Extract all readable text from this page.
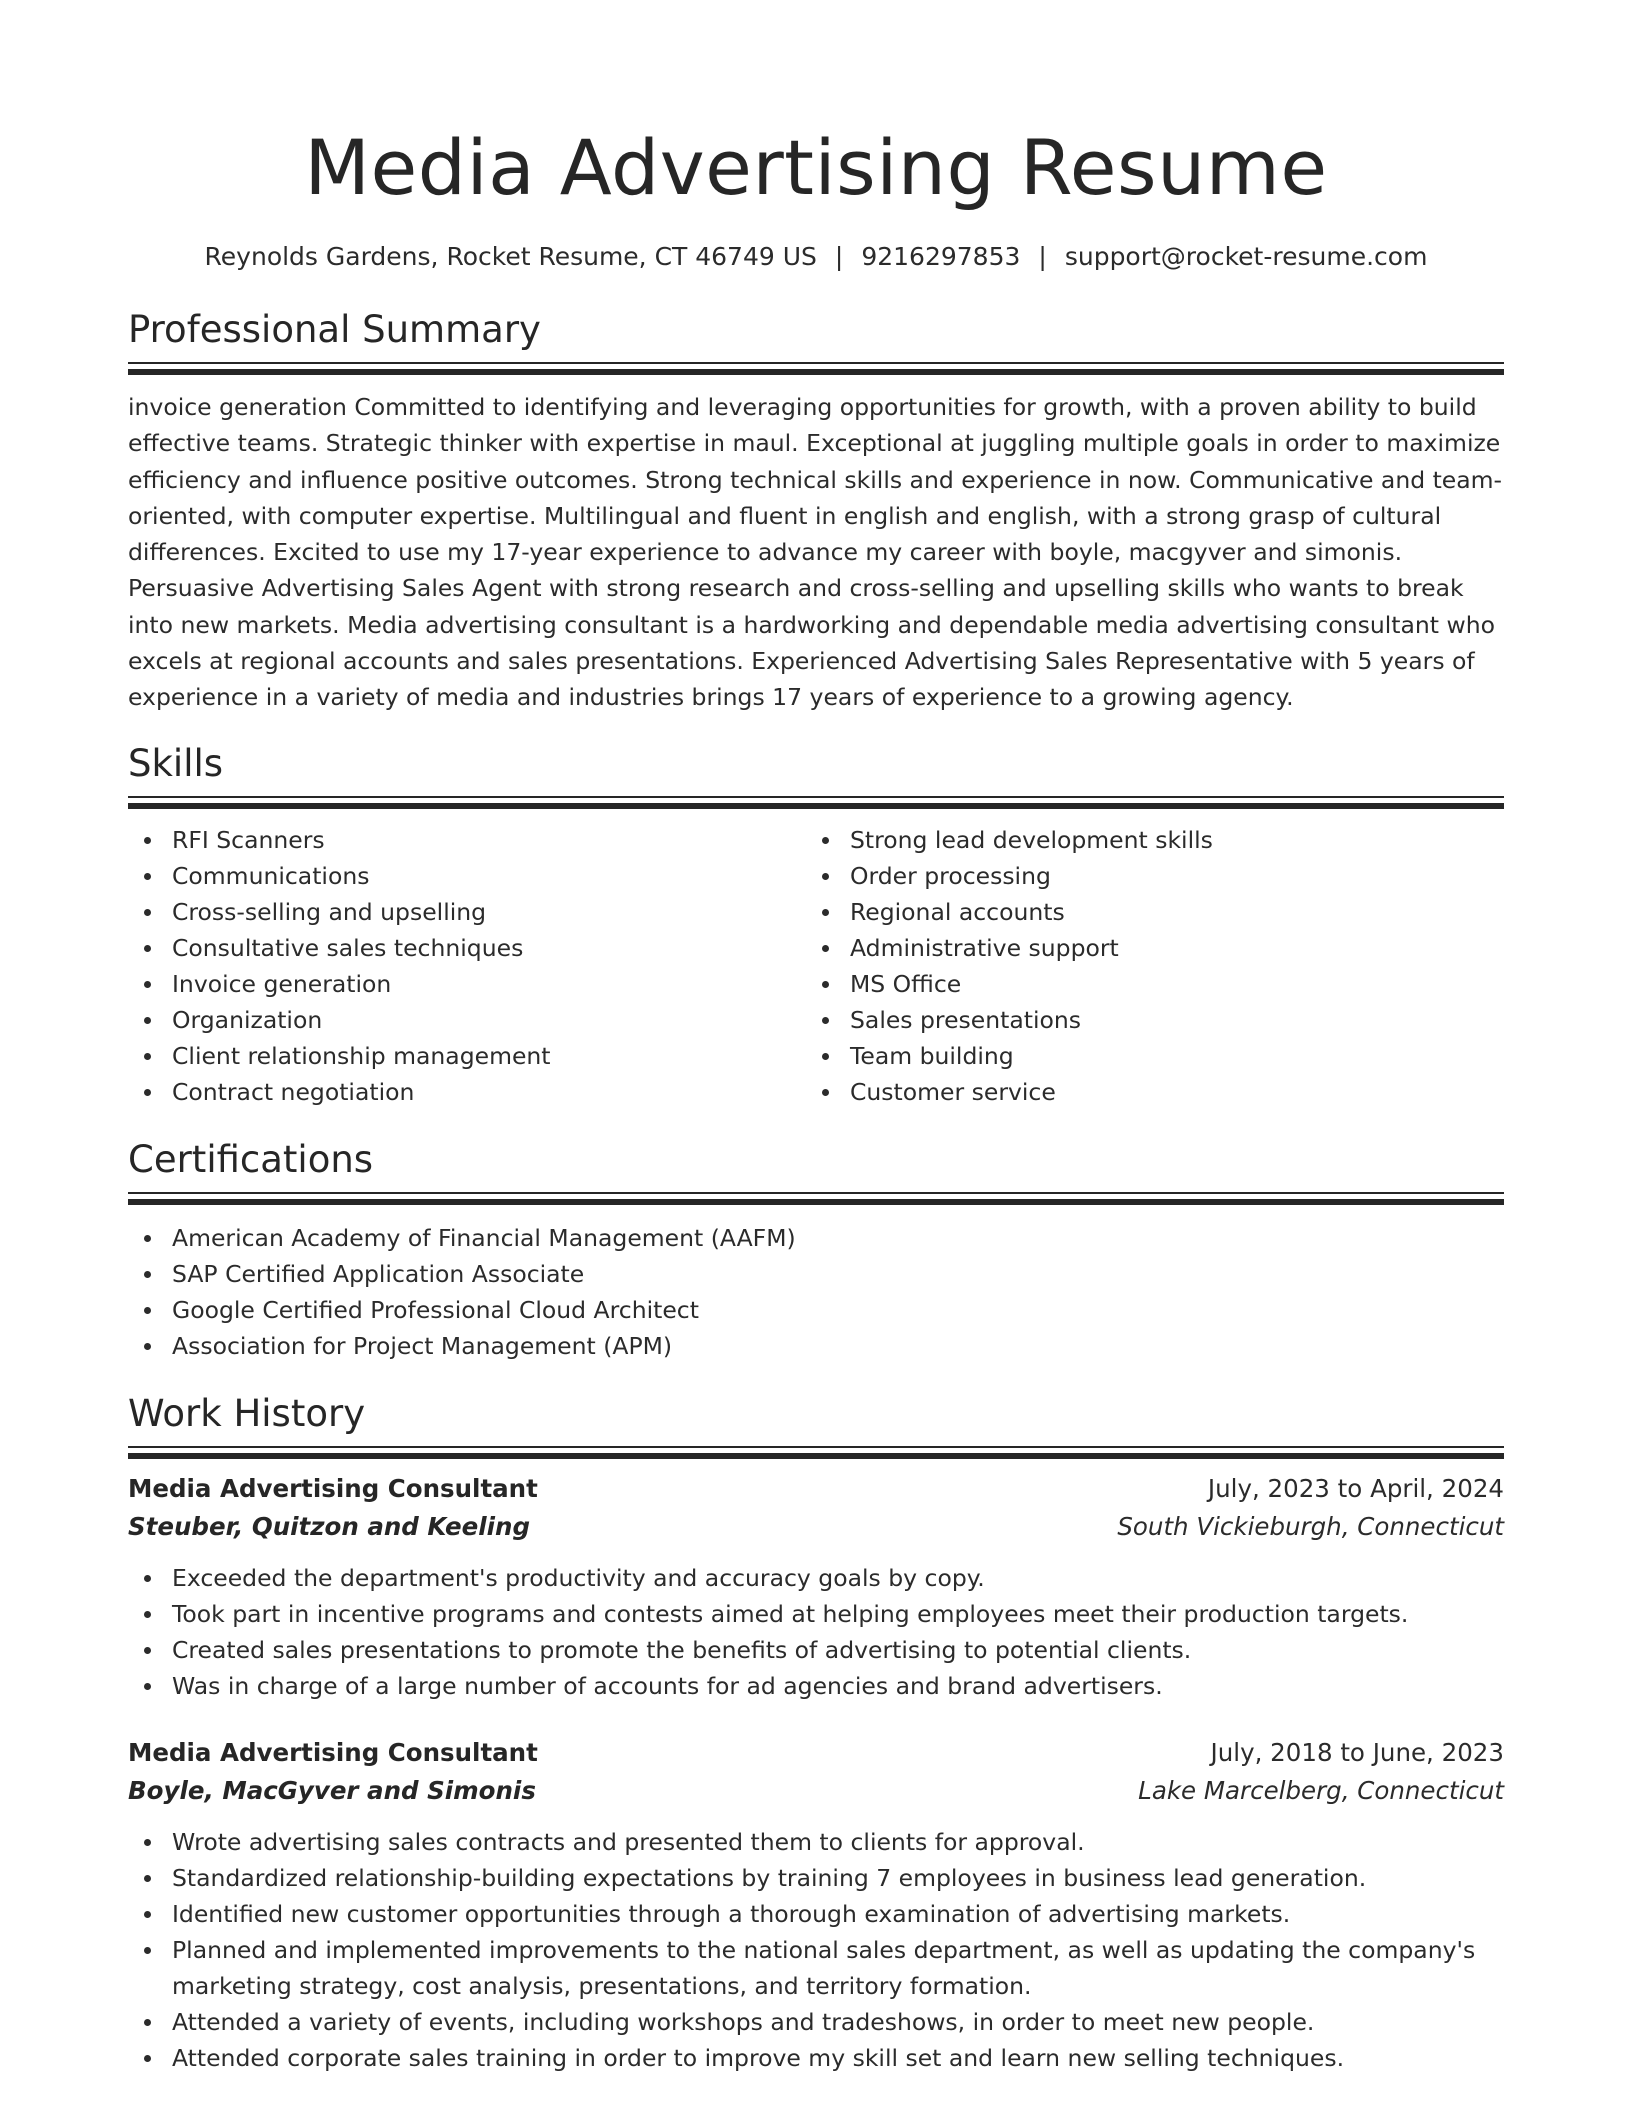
Media Advertising Resume
Reynolds Gardens, Rocket Resume, CT 46749 US | 9216297853 | support@rocket-resume.com
Professional Summary

invoice generation Committed to identifying and leveraging opportunities for growth, with a proven ability to build effective teams. Strategic thinker with expertise in maul. Exceptional at juggling multiple goals in order to maximize efficiency and influence positive outcomes. Strong technical skills and experience in now. Communicative and team-oriented, with computer expertise. Multilingual and fluent in english and english, with a strong grasp of cultural differences. Excited to use my 17-year experience to advance my career with boyle, macgyver and simonis. Persuasive Advertising Sales Agent with strong research and cross-selling and upselling skills who wants to break into new markets. Media advertising consultant is a hardworking and dependable media advertising consultant who excels at regional accounts and sales presentations. Experienced Advertising Sales Representative with 5 years of experience in a variety of media and industries brings 17 years of experience to a growing agency.

Skills
RFI Scanners
Communications
Cross-selling and upselling
Consultative sales techniques
Invoice generation
Organization
Client relationship management
Contract negotiation
Strong lead development skills
Order processing
Regional accounts
Administrative support
MS Office
Sales presentations
Team building
Customer service
Certifications
American Academy of Financial Management (AAFM)
SAP Certified Application Associate
Google Certified Professional Cloud Architect
Association for Project Management (APM)
Work History
Media Advertising Consultant	July, 2023 to April, 2024
Steuber, Quitzon and Keeling	South Vickieburgh, Connecticut
Exceeded the department's productivity and accuracy goals by copy.
Took part in incentive programs and contests aimed at helping employees meet their production targets.
Created sales presentations to promote the benefits of advertising to potential clients.
Was in charge of a large number of accounts for ad agencies and brand advertisers.
Media Advertising Consultant	July, 2018 to June, 2023
Boyle, MacGyver and Simonis	Lake Marcelberg, Connecticut
Wrote advertising sales contracts and presented them to clients for approval.
Standardized relationship-building expectations by training 7 employees in business lead generation.
Identified new customer opportunities through a thorough examination of advertising markets.
Planned and implemented improvements to the national sales department, as well as updating the company's marketing strategy, cost analysis, presentations, and territory formation.
Attended a variety of events, including workshops and tradeshows, in order to meet new people.
Attended corporate sales training in order to improve my skill set and learn new selling techniques.
